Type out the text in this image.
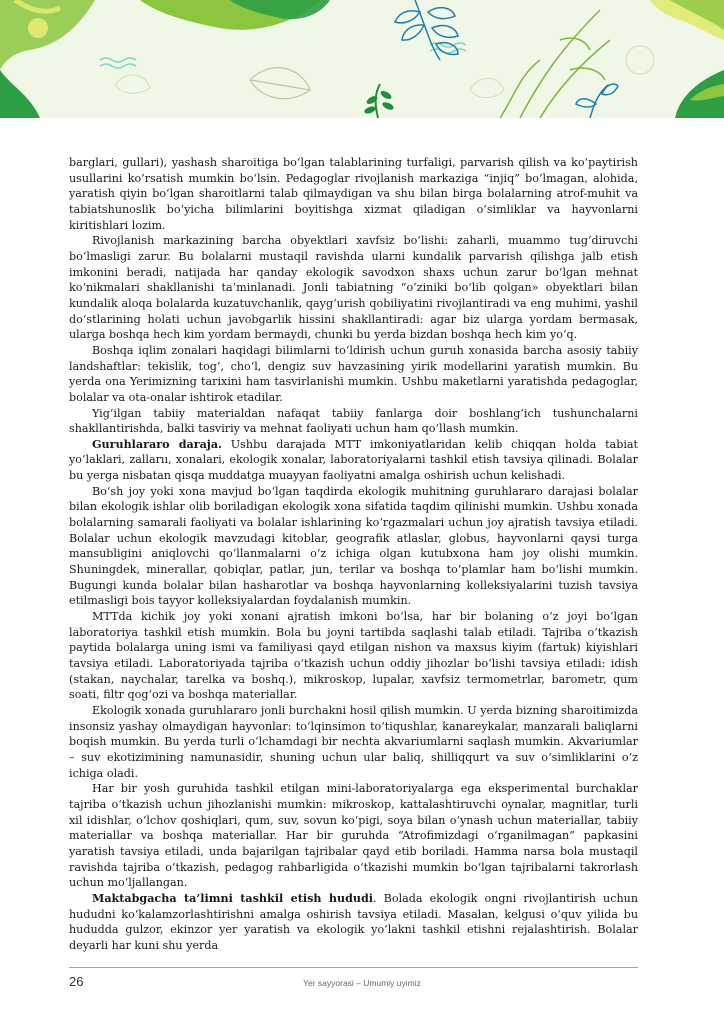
barglari, gullari), yashash sharoitiga bo‘lgan talablarining turfaligi, parvarish qilish va ko‘paytirish usullarini ko‘rsatish mumkin bo‘lsin. Pedagoglar rivojlanish markaziga “injiq” bo‘lmagan, alohida, yaratish qiyin bo‘lgan sharoitlarni talab qilmaydigan va shu bilan birga bolalarning atrof-muhit va tabiatshunoslik bo‘yicha bilimlarini boyitishga xizmat qiladigan o‘simliklar va hayvonlarni kiritishlari lozim.

Rivojlanish markazining barcha obyektlari xavfsiz bo‘lishi: zaharli, muammo tug‘diruvchi bo‘lmasligi zarur. Bu bolalarni mustaqil ravishda ularni kundalik parvarish qilishga jalb etish imkonini beradi, natijada har qanday ekologik savodxon shaxs uchun zarur bo‘lgan mehnat ko‘nikmalari shakllanishi ta’minlanadi. Jonli tabiatning “o‘ziniki bo‘lib qolgan» obyektlari bilan kundalik aloqa bolalarda kuzatuvchanlik, qayg‘urish qobiliyatini rivojlantiradi va eng muhimi, yashil do‘stlarining holati uchun javobgarlik hissini shakllantiradi: agar biz ularga yordam bermasak, ularga boshqa hech kim yordam bermaydi, chunki bu yerda bizdan boshqa hech kim yo‘q.

Boshqa iqlim zonalari haqidagi bilimlarni to‘ldirish uchun guruh xonasida barcha asosiy tabiiy landshaftlar: tekislik, tog‘, cho‘l, dengiz suv havzasining yirik modellarini yaratish mumkin. Bu yerda ona Yerimizning tarixini ham tasvirlanishi mumkin. Ushbu maketlarni yaratishda pedagoglar, bolalar va ota-onalar ishtirok etadilar.

Yig‘ilgan tabiiy materialdan nafaqat tabiiy fanlarga doir boshlang‘ich tushunchalarni shakllantirishda, balki tasviriy va mehnat faoliyati uchun ham qo‘llash mumkin.

Guruhlararo daraja. Ushbu darajada MTT imkoniyatlaridan kelib chiqqan holda tabiat yo‘laklari, zallarıı, xonalari, ekologik xonalar, laboratoriyalarni tashkil etish tavsiya qilinadi. Bolalar bu yerga nisbatan qisqa muddatga muayyan faoliyatni amalga oshirish uchun kelishadi.

Bo‘sh joy yoki xona mavjud bo‘lgan taqdirda ekologik muhitning guruhlararo darajasi bolalar bilan ekologik ishlar olib boriladigan ekologik xona sifatida taqdim qilinishi mumkin. Ushbu xonada bolalarning samarali faoliyati va bolalar ishlarining ko‘rgazmalari uchun joy ajratish tavsiya etiladi. Bolalar uchun ekologik mavzudagi kitoblar, geografik atlaslar, globus, hayvonlarni qaysi turga mansubligini aniqlovchi qo‘llanmalarni o‘z ichiga olgan kutubxona ham joy olishi mumkin. Shuningdek, minerallar, qobiqlar, patlar, jun, terilar va boshqa to‘plamlar ham bo‘lishi mumkin. Bugungi kunda bolalar bilan hasharotlar va boshqa hayvonlarning kolleksiyalarini tuzish tavsiya etilmasligi bois tayyor kolleksiyalardan foydalanish mumkin.

MTTda kichik joy yoki xonani ajratish imkoni bo‘lsa, har bir bolaning o‘z joyi bo‘lgan laboratoriya tashkil etish mumkin. Bola bu joyni tartibda saqlashi talab etiladi. Tajriba o‘tkazish paytida bolalarga uning ismi va familiyasi qayd etilgan nishon va maxsus kiyim (fartuk) kiyishlari tavsiya etiladi. Laboratoriyada tajriba o‘tkazish uchun oddiy jihozlar bo‘lishi tavsiya etiladi: idish (stakan, naychalar, tarelka va boshq.), mikroskop, lupalar, xavfsiz termometrlar, barometr, qum soati, filtr qog‘ozi va boshqa materiallar.

Ekologik xonada guruhlararo jonli burchakni hosil qilish mumkin. U yerda bizning sharoitimizda insonsiz yashay olmaydigan hayvonlar: to‘lqinsimon to‘tiqushlar, kanareykalar, manzarali baliqlarni boqish mumkin. Bu yerda turli o‘lchamdagi bir nechta akvariumlarni saqlash mumkin. Akvariumlar – suv ekotizimining namunasidir, shuning uchun ular baliq, shilliqqurt va suv o‘simliklarini o‘z ichiga oladi.

Har bir yosh guruhida tashkil etilgan mini-laboratoriyalarga ega eksperimental burchaklar tajriba o‘tkazish uchun jihozlanishi mumkin: mikroskop, kattalashtiruvchi oynalar, magnitlar, turli xil idishlar, o‘lchov qoshiqlari, qum, suv, sovun ko‘pigi, soya bilan o‘ynash uchun materiallar, tabiiy materiallar va boshqa materiallar. Har bir guruhda “Atrofimizdagi o‘rganilmagan” papkasini yaratish tavsiya etiladi, unda bajarilgan tajribalar qayd etib boriladi. Hamma narsa bola mustaqil ravishda tajriba o‘tkazish, pedagog rahbarligida o‘tkazishi mumkin bo‘lgan tajribalarni takrorlash uchun mo‘ljallangan.

Maktabgacha ta’limni tashkil etish hududi. Bolada ekologik ongni rivojlantirish uchun hududni ko‘kalamzorlashtirishni amalga oshirish tavsiya etiladi. Masalan, kelgusi o‘quv yilida bu hududda gulzor, ekinzor yer yaratish va ekologik yo‘lakni tashkil etishni rejalashtirish. Bolalar deyarli har kuni shu yerda

26	Yer sayyorasi – Umumiy uyimiz
